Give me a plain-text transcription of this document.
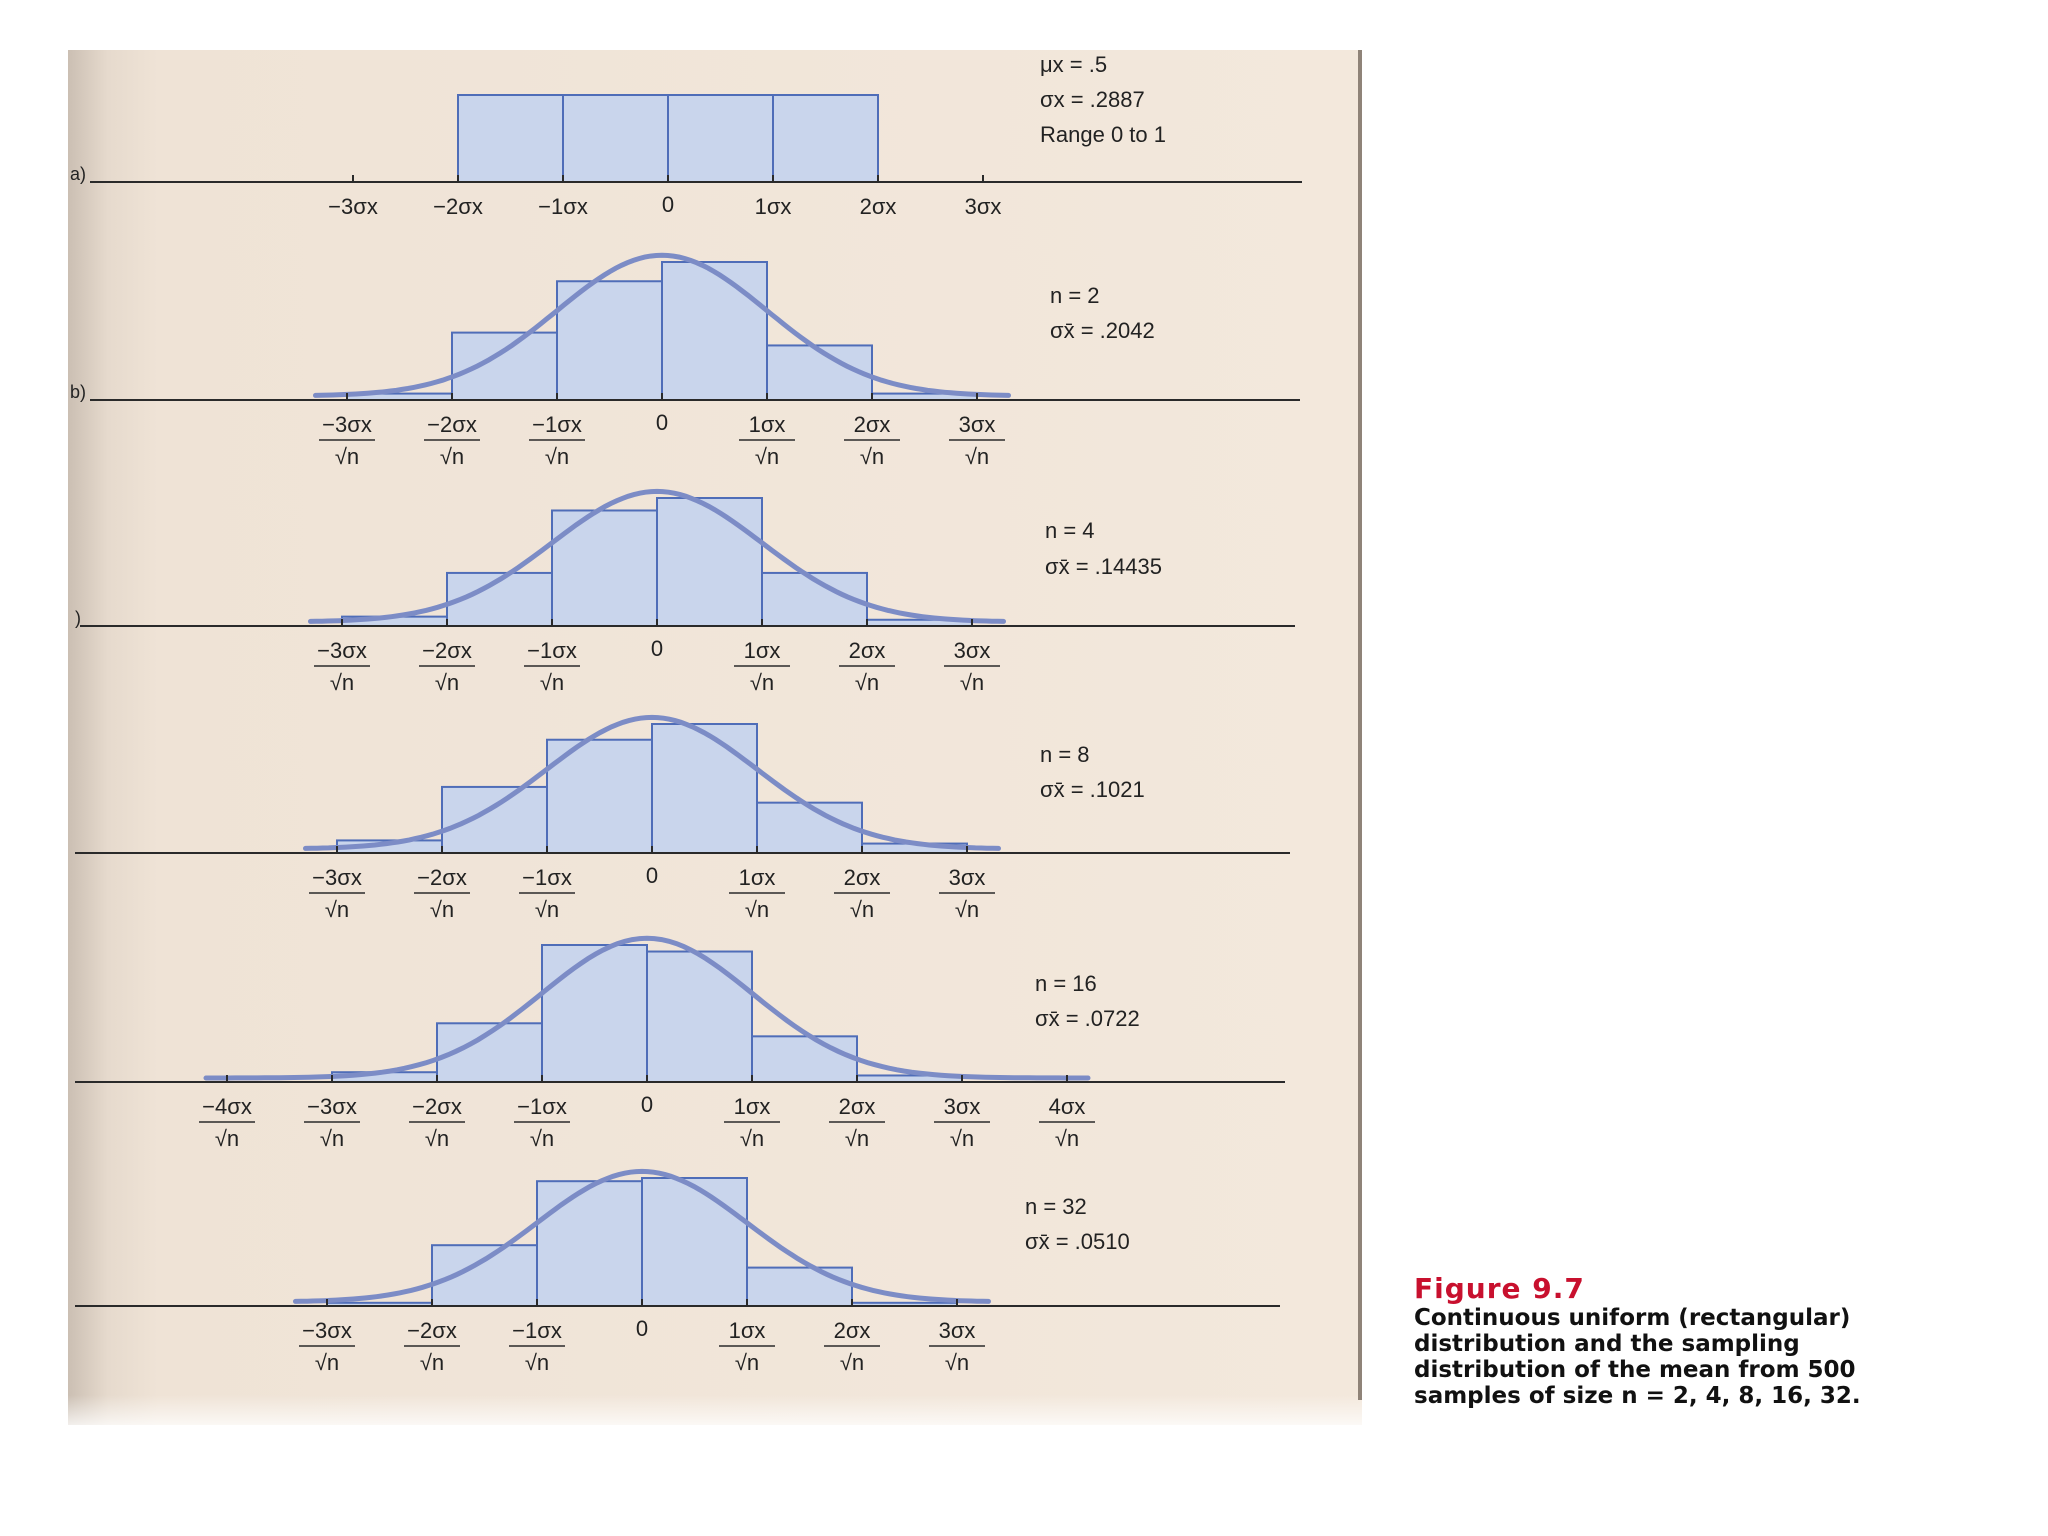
a)
−3σx	−2σx	−1σx	0	1σx	2σx	3σx
μx = .5
σx = .2887
Range 0 to 1
b)
−3σx
√n
−2σx
√n
−1σx
√n
0	1σx
√n
2σx
√n
3σx
√n
n = 2
σx̄ = .2042
)
−3σx
√n
−2σx
√n
−1σx
√n
0	1σx
√n
2σx
√n
3σx
√n
n = 4
σx̄ = .14435
−3σx
√n
−2σx
√n
−1σx
√n
0	1σx
√n
2σx
√n
3σx
√n
n = 8
σx̄ = .1021
−4σx
√n
−3σx
√n
−2σx
√n
−1σx
√n
0	1σx
√n
2σx
√n
3σx
√n
4σx
√n
n = 16
σx̄ = .0722
−3σx
√n
−2σx
√n
−1σx
√n
0	1σx
√n
2σx
√n
3σx
√n
n = 32
σx̄ = .0510
Figure 9.7
Continuous uniform (rectangular)
distribution and the sampling
distribution of the mean from 500
samples of size n = 2, 4, 8, 16, 32.
